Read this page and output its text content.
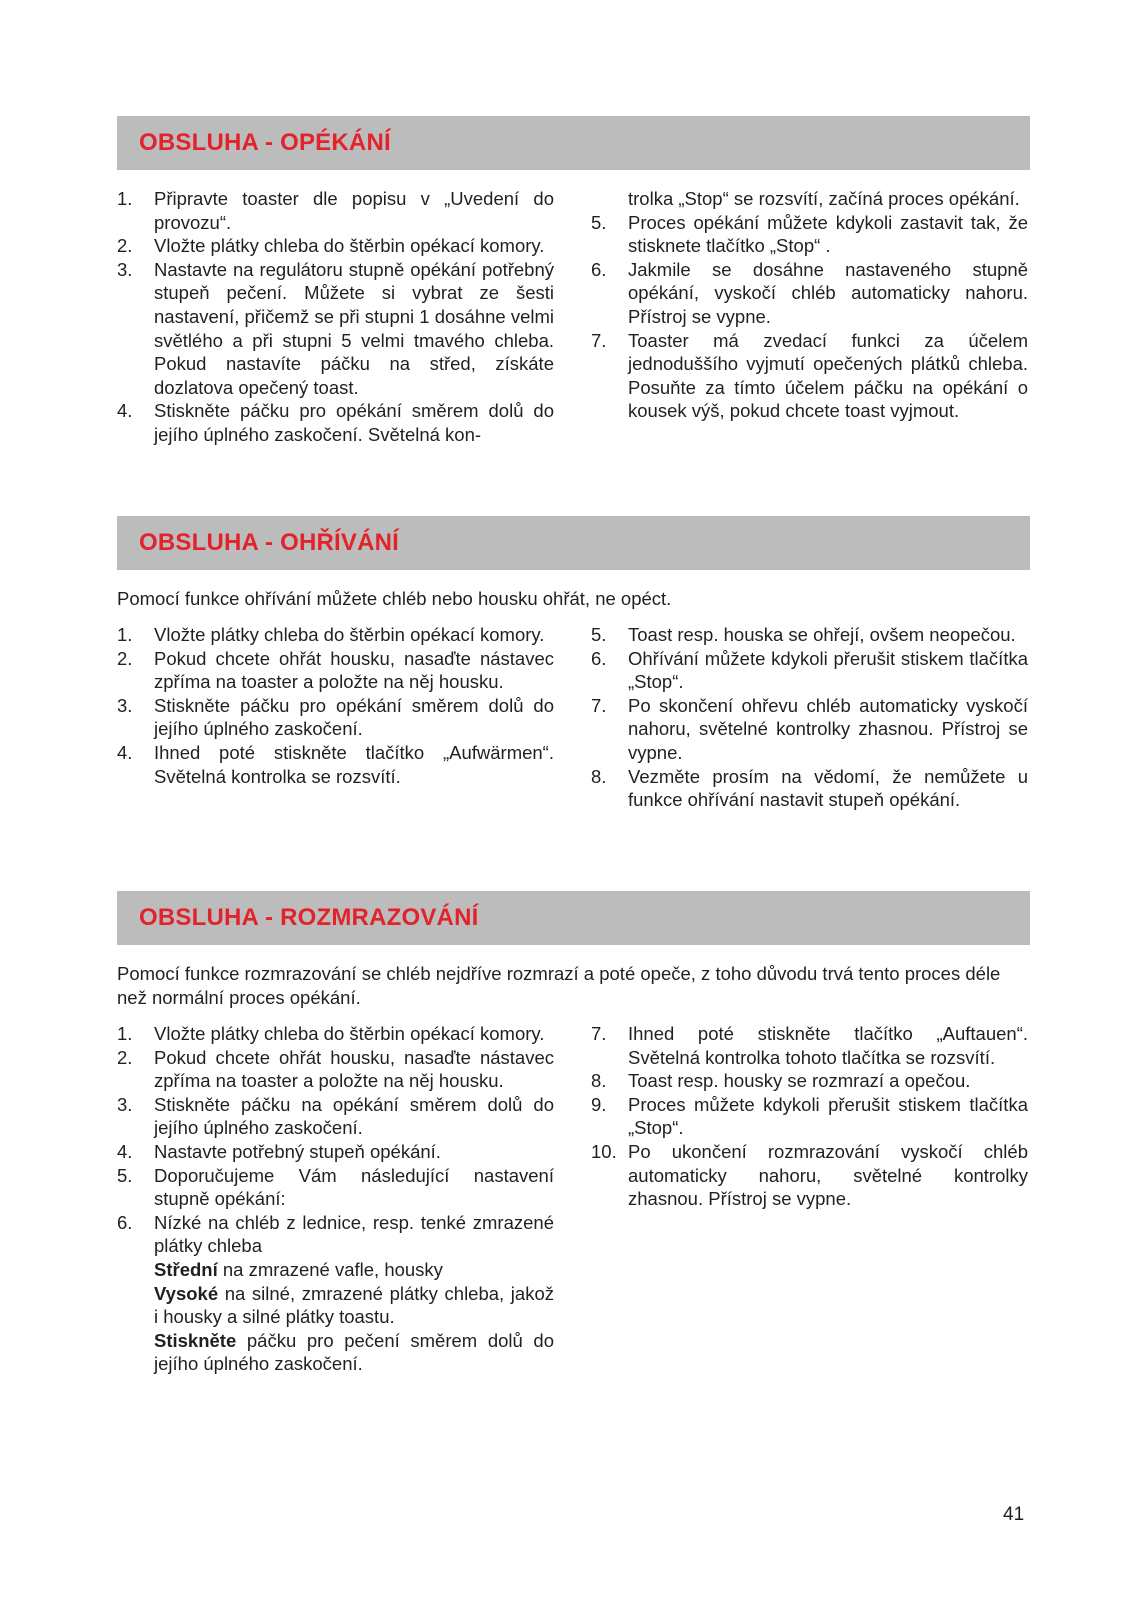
OBSLUHA - OPÉKÁNÍ
1. Připravte toaster dle popisu v „Uvedení do provozu“.
2. Vložte plátky chleba do štěrbin opékací komory.
3. Nastavte na regulátoru stupně opékání potřebný stupeň pečení. Můžete si vybrat ze šesti nastavení, přičemž se při stupni 1 dosáhne velmi světlého a při stupni 5 velmi tmavého chleba. Pokud nastavíte páčku na střed, získáte dozlatova opečený toast.
4. Stiskněte páčku pro opékání směrem dolů do jejího úplného zaskočení. Světelná kon-
trolka „Stop“ se rozsvítí, začíná proces opékání.
5. Proces opékání můžete kdykoli zastavit tak, že stisknete tlačítko „Stop“ .
6. Jakmile se dosáhne nastaveného stupně opékání, vyskočí chléb automaticky nahoru. Přístroj se vypne.
7. Toaster má zvedací funkci za účelem jednoduššího vyjmutí opečených plátků chleba. Posuňte za tímto účelem páčku na opékání o kousek výš, pokud chcete toast vyjmout.
OBSLUHA - OHŘÍVÁNÍ

Pomocí funkce ohřívání můžete chléb nebo housku ohřát, ne opéct.

1. Vložte plátky chleba do štěrbin opékací komory.
2. Pokud chcete ohřát housku, nasaďte nástavec zpříma na toaster a položte na něj housku.
3. Stiskněte páčku pro opékání směrem dolů do jejího úplného zaskočení.
4. Ihned poté stiskněte tlačítko „Aufwärmen“. Světelná kontrolka se rozsvítí.
5. Toast resp. houska se ohřejí, ovšem neopečou.
6. Ohřívání můžete kdykoli přerušit stiskem tlačítka „Stop“.
7. Po skončení ohřevu chléb automaticky vyskočí nahoru, světelné kontrolky zhasnou. Přístroj se vypne.
8. Vezměte prosím na vědomí, že nemůžete u funkce ohřívání nastavit stupeň opékání.
OBSLUHA - ROZMRAZOVÁNÍ

Pomocí funkce rozmrazování se chléb nejdříve rozmrazí a poté opeče, z toho důvodu trvá tento proces déle než normální proces opékání.

1. Vložte plátky chleba do štěrbin opékací komory.
2. Pokud chcete ohřát housku, nasaďte nástavec zpříma na toaster a položte na něj housku.
3. Stiskněte páčku na opékání směrem dolů do jejího úplného zaskočení.
4. Nastavte potřebný stupeň opékání.
5. Doporučujeme Vám následující nastavení stupně opékání:
6. Nízké na chléb z lednice, resp. tenké zmrazené plátky chleba
Střední na zmrazené vafle, housky
Vysoké na silné, zmrazené plátky chleba, jakož i housky a silné plátky toastu.
Stiskněte páčku pro pečení směrem dolů do jejího úplného zaskočení.
7. Ihned poté stiskněte tlačítko „Auftauen“. Světelná kontrolka tohoto tlačítka se rozsvítí.
8. Toast resp. housky se rozmrazí a opečou.
9. Proces můžete kdykoli přerušit stiskem tlačítka „Stop“.
10. Po ukončení rozmrazování vyskočí chléb automaticky nahoru, světelné kontrolky zhasnou. Přístroj se vypne.
41
